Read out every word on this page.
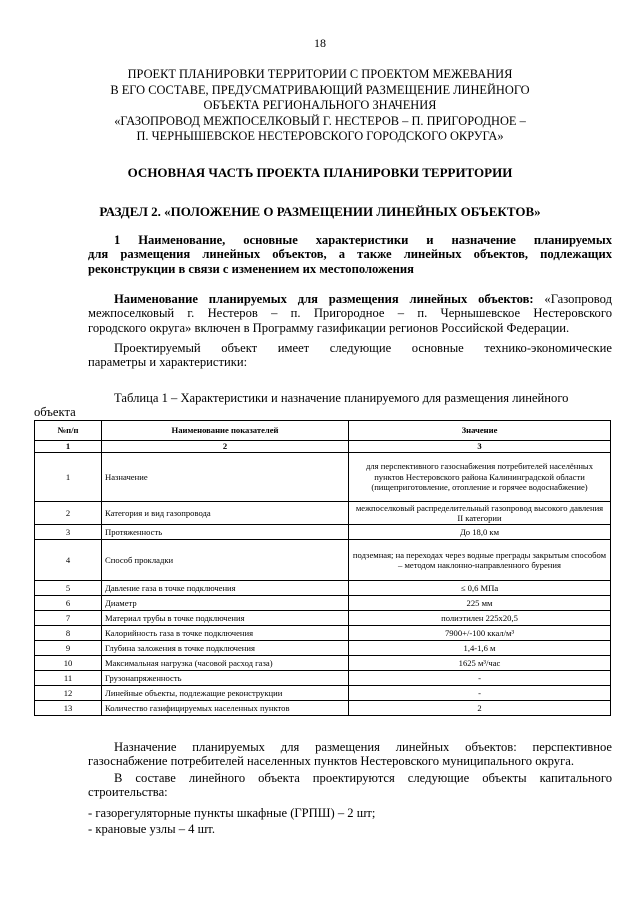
18
ПРОЕКТ ПЛАНИРОВКИ ТЕРРИТОРИИ С ПРОЕКТОМ МЕЖЕВАНИЯ
В ЕГО СОСТАВЕ, ПРЕДУСМАТРИВАЮЩИЙ РАЗМЕЩЕНИЕ ЛИНЕЙНОГО
ОБЪЕКТА РЕГИОНАЛЬНОГО ЗНАЧЕНИЯ
«ГАЗОПРОВОД МЕЖПОСЕЛКОВЫЙ Г. НЕСТЕРОВ – П. ПРИГОРОДНОЕ –
П. ЧЕРНЫШЕВСКОЕ НЕСТЕРОВСКОГО ГОРОДСКОГО ОКРУГА»
ОСНОВНАЯ ЧАСТЬ ПРОЕКТА ПЛАНИРОВКИ ТЕРРИТОРИИ
РАЗДЕЛ 2. «ПОЛОЖЕНИЕ О РАЗМЕЩЕНИИ ЛИНЕЙНЫХ ОБЪЕКТОВ»
1 Наименование, основные характеристики и назначение планируемых
для размещения линейных объектов, а также линейных объектов, подлежащих
реконструкции в связи с изменением их местоположения
Наименование планируемых для размещения линейных объектов: «Газопровод
межпоселковый г. Нестеров – п. Пригородное – п. Чернышевское Нестеровского
городского округа» включен в Программу газификации регионов Российской Федерации.
Проектируемый объект имеет следующие основные технико-экономические
параметры и характеристики:
Таблица 1 – Характеристики и назначение планируемого для размещения линейного
объекта
№п/п	Наименование показателей	Значение
1	2	3
1	Назначение	для перспективного газоснабжения потребителей населённых пунктов Нестеровского района Калининградской области (пищеприготовление, отопление и горячее водоснабжение)
2	Категория и вид газопровода	межпоселковый распределительный газопровод высокого давления II категории
3	Протяженность	До 18,0 км
4	Способ прокладки	подземная; на переходах через водные преграды закрытым способом – методом наклонно-направленного бурения
5	Давление газа в точке подключения	≤ 0,6 МПа
6	Диаметр	225 мм
7	Материал трубы в точке подключения	полиэтилен 225х20,5
8	Калорийность газа в точке подключения	7900+/-100 ккал/м³
9	Глубина заложения в точке подключения	1,4-1,6 м
10	Максимальная нагрузка (часовой расход газа)	1625 м³/час
11	Грузонапряженность	-
12	Линейные объекты, подлежащие реконструкции	-
13	Количество газифицируемых населенных пунктов	2
Назначение планируемых для размещения линейных объектов: перспективное
газоснабжение потребителей населенных пунктов Нестеровского муниципального округа.
В составе линейного объекта проектируются следующие объекты капитального
строительства:
- газорегуляторные пункты шкафные (ГРПШ) – 2 шт;
- крановые узлы – 4 шт.
